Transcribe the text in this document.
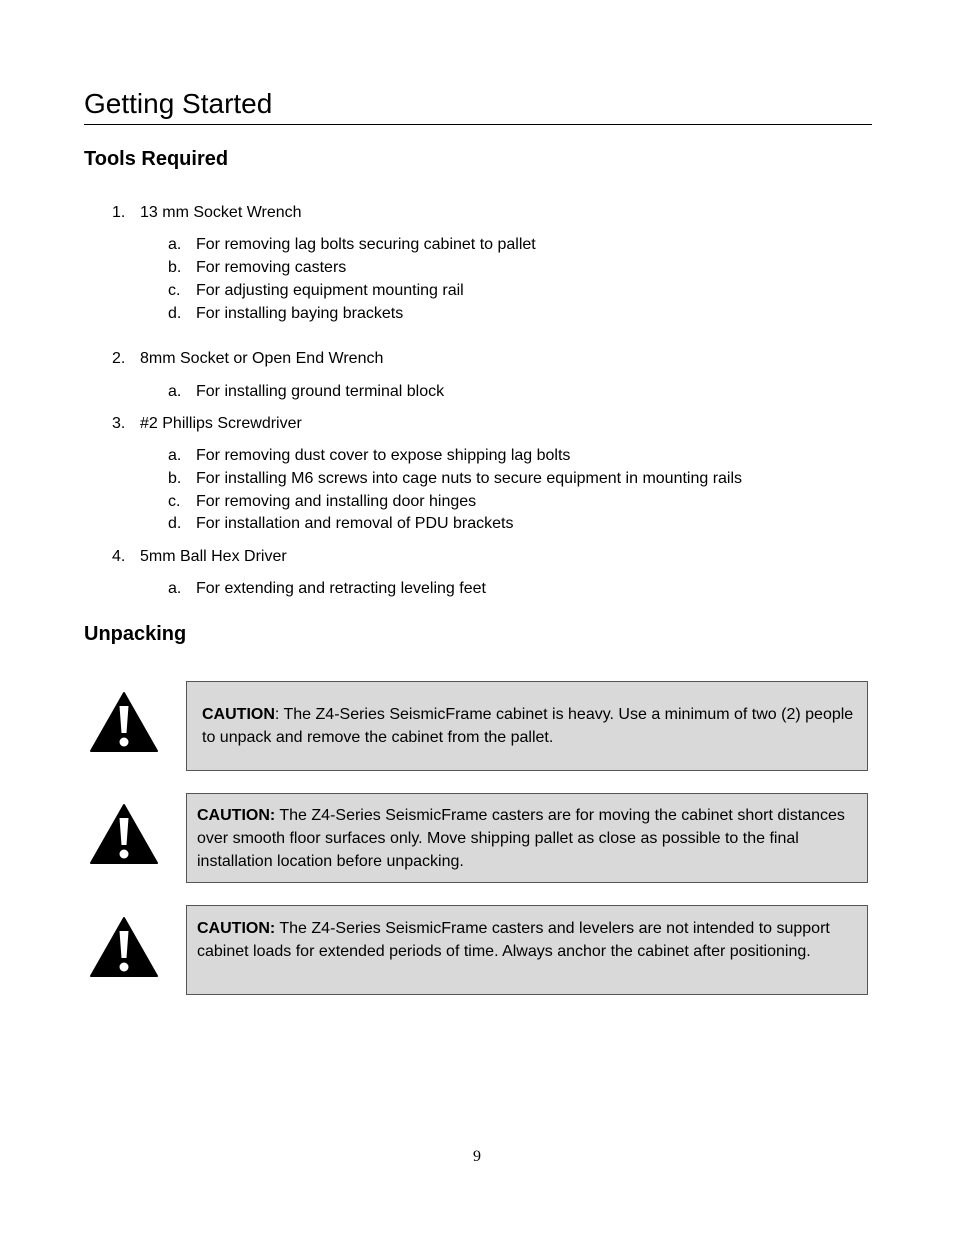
Getting Started
Tools Required
1. 13 mm Socket Wrench
a. For removing lag bolts securing cabinet to pallet
b. For removing casters
c. For adjusting equipment mounting rail
d. For installing baying brackets
2. 8mm Socket or Open End Wrench
a. For installing ground terminal block
3. #2 Phillips Screwdriver
a. For removing dust cover to expose shipping lag bolts
b. For installing M6 screws into cage nuts to secure equipment in mounting rails
c. For removing and installing door hinges
d. For installation and removal of PDU brackets
4. 5mm Ball Hex Driver
a. For extending and retracting leveling feet
Unpacking
CAUTION: The Z4-Series SeismicFrame cabinet is heavy. Use a minimum of two (2) people to unpack and remove the cabinet from the pallet.
CAUTION: The Z4-Series SeismicFrame casters are for moving the cabinet short distances over smooth floor surfaces only. Move shipping pallet as close as possible to the final installation location before unpacking.
CAUTION: The Z4-Series SeismicFrame casters and levelers are not intended to support cabinet loads for extended periods of time. Always anchor the cabinet after positioning.
9
